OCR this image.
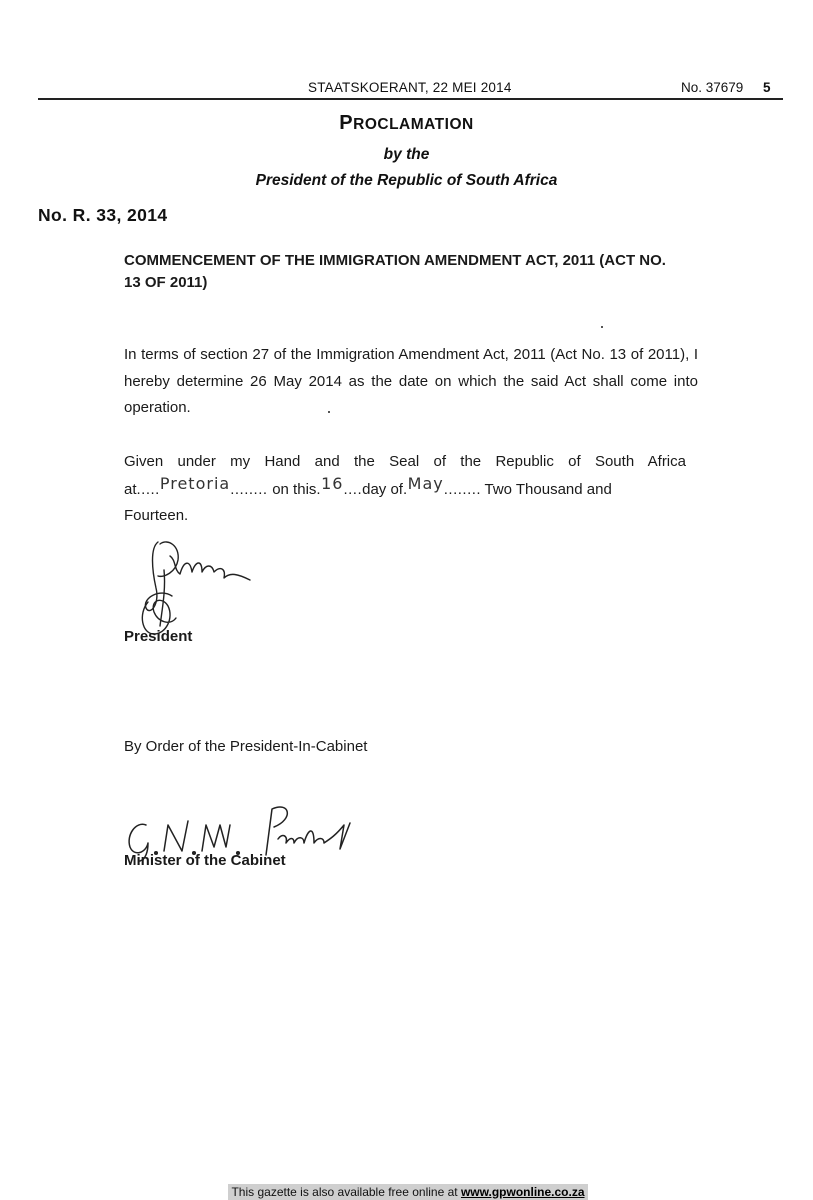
STAATSKOERANT, 22 MEI 2014	No. 37679 5
PROCLAMATION
by the
President of the Republic of South Africa
No. R. 33, 2014
COMMENCEMENT OF THE IMMIGRATION AMENDMENT ACT, 2011 (ACT NO. 13 OF 2011)
In terms of section 27 of the Immigration Amendment Act, 2011 (Act No. 13 of 2011), I hereby determine 26 May 2014 as the date on which the said Act shall come into operation.
Given under my Hand and the Seal of the Republic of South Africa
at.....Pretoria........ on this.16....day of.May........ Two Thousand and
Fourteen.
President
By Order of the President-In-Cabinet
Minister of the Cabinet
This gazette is also available free online at www.gpwonline.co.za
